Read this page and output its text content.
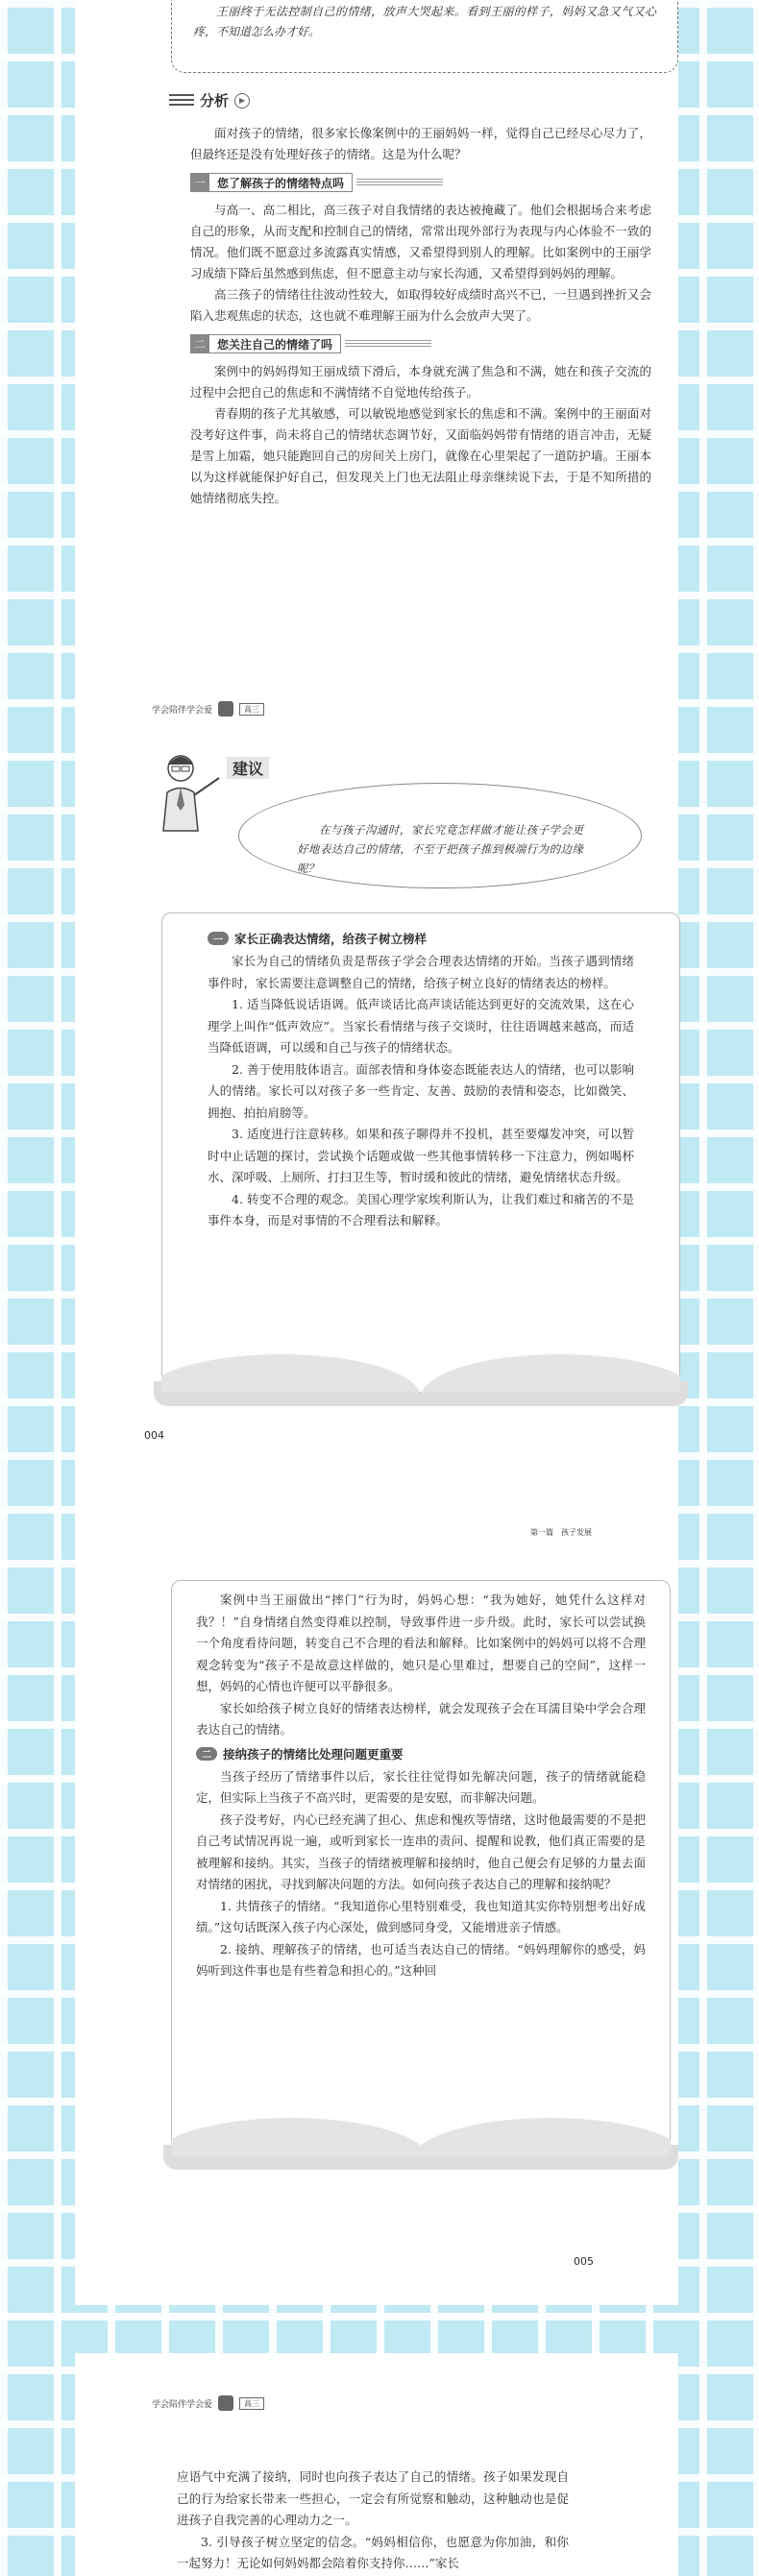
王丽终于无法控制自己的情绪，放声大哭起来。看到王丽的样子，妈妈又急又气又心疼，不知道怎么办才好。

分析	▶

面对孩子的情绪，很多家长像案例中的王丽妈妈一样，觉得自己已经尽心尽力了，但最终还是没有处理好孩子的情绪。这是为什么呢？

一	您了解孩子的情绪特点吗

与高一、高二相比，高三孩子对自我情绪的表达被掩藏了。他们会根据场合来考虑自己的形象，从而支配和控制自己的情绪，常常出现外部行为表现与内心体验不一致的情况。他们既不愿意过多流露真实情感，又希望得到别人的理解。比如案例中的王丽学习成绩下降后虽然感到焦虑，但不愿意主动与家长沟通，又希望得到妈妈的理解。

高三孩子的情绪往往波动性较大，如取得较好成绩时高兴不已，一旦遇到挫折又会陷入悲观焦虑的状态，这也就不难理解王丽为什么会放声大哭了。

二	您关注自己的情绪了吗

案例中的妈妈得知王丽成绩下滑后，本身就充满了焦急和不满，她在和孩子交流的过程中会把自己的焦虑和不满情绪不自觉地传给孩子。

青春期的孩子尤其敏感，可以敏锐地感觉到家长的焦虑和不满。案例中的王丽面对没考好这件事，尚未将自己的情绪状态调节好，又面临妈妈带有情绪的语言冲击，无疑是雪上加霜，她只能跑回自己的房间关上房门，就像在心里架起了一道防护墙。王丽本以为这样就能保护好自己，但发现关上门也无法阻止母亲继续说下去，于是不知所措的她情绪彻底失控。

学会陪伴学会爱	高三
建议

在与孩子沟通时，家长究竟怎样做才能让孩子学会更好地表达自己的情绪，不至于把孩子推到极端行为的边缘呢？

一 家长正确表达情绪，给孩子树立榜样

家长为自己的情绪负责是帮孩子学会合理表达情绪的开始。当孩子遇到情绪事件时，家长需要注意调整自己的情绪，给孩子树立良好的情绪表达的榜样。

1. 适当降低说话语调。低声谈话比高声谈话能达到更好的交流效果，这在心理学上叫作“低声效应”。当家长看情绪与孩子交谈时，往往语调越来越高，而适当降低语调，可以缓和自己与孩子的情绪状态。

2. 善于使用肢体语言。面部表情和身体姿态既能表达人的情绪，也可以影响人的情绪。家长可以对孩子多一些肯定、友善、鼓励的表情和姿态，比如微笑、拥抱、拍拍肩膀等。

3. 适度进行注意转移。如果和孩子聊得并不投机，甚至要爆发冲突，可以暂时中止话题的探讨，尝试换个话题或做一些其他事情转移一下注意力，例如喝杯水、深呼吸、上厕所、打扫卫生等，暂时缓和彼此的情绪，避免情绪状态升级。

4. 转变不合理的观念。美国心理学家埃利斯认为，让我们难过和痛苦的不是事件本身，而是对事情的不合理看法和解释。

004
第一篇　孩子发展

案例中当王丽做出“摔门”行为时，妈妈心想：“我为她好，她凭什么这样对我？！”自身情绪自然变得难以控制，导致事件进一步升级。此时，家长可以尝试换一个角度看待问题，转变自己不合理的看法和解释。比如案例中的妈妈可以将不合理观念转变为“孩子不是故意这样做的，她只是心里难过，想要自己的空间”，这样一想，妈妈的心情也许便可以平静很多。

家长如给孩子树立良好的情绪表达榜样，就会发现孩子会在耳濡目染中学会合理表达自己的情绪。

二 接纳孩子的情绪比处理问题更重要

当孩子经历了情绪事件以后，家长往往觉得如先解决问题，孩子的情绪就能稳定，但实际上当孩子不高兴时，更需要的是安慰，而非解决问题。

孩子没考好，内心已经充满了担心、焦虑和愧疚等情绪，这时他最需要的不是把自己考试情况再说一遍，或听到家长一连串的责问、提醒和说教，他们真正需要的是被理解和接纳。其实，当孩子的情绪被理解和接纳时，他自己便会有足够的力量去面对情绪的困扰，寻找到解决问题的方法。如何向孩子表达自己的理解和接纳呢？

1. 共情孩子的情绪。“我知道你心里特别难受，我也知道其实你特别想考出好成绩。”这句话既深入孩子内心深处，做到感同身受，又能增进亲子情感。

2. 接纳、理解孩子的情绪，也可适当表达自己的情绪。“妈妈理解你的感受，妈妈听到这件事也是有些着急和担心的。”这种回

005
学会陪伴学会爱	高三

应语气中充满了接纳，同时也向孩子表达了自己的情绪。孩子如果发现自己的行为给家长带来一些担心，一定会有所觉察和触动，这种触动也是促进孩子自我完善的心理动力之一。

3. 引导孩子树立坚定的信念。“妈妈相信你，也愿意为你加油，和你一起努力！无论如何妈妈都会陪着你支持你……”家长
